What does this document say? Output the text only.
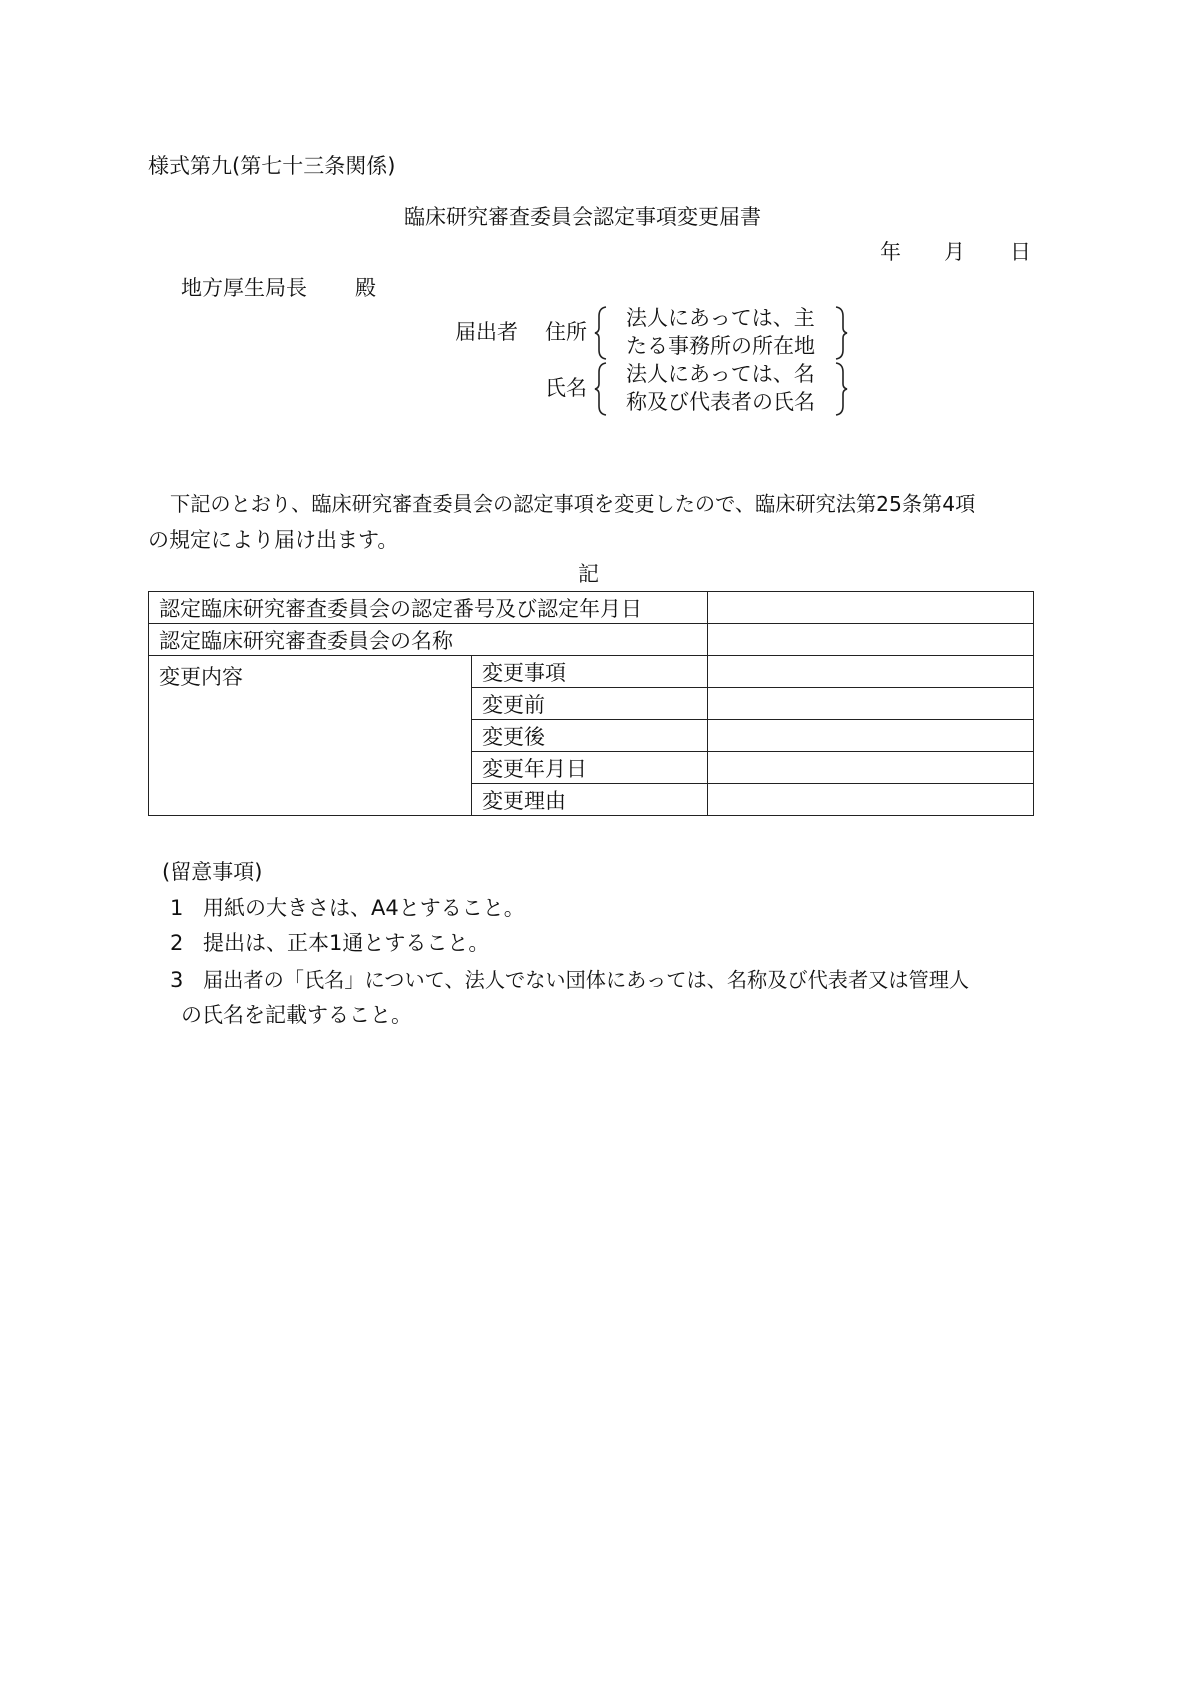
様式第九(第七十三条関係)
臨床研究審査委員会認定事項変更届書
年 月 日
地方厚生局長 殿
届出者 住所
法人にあっては、主
たる事務所の所在地
氏名
法人にあっては、名
称及び代表者の氏名
下記のとおり、臨床研究審査委員会の認定事項を変更したので、臨床研究法第25条第4項
の規定により届け出ます。
記
認定臨床研究審査委員会の認定番号及び認定年月日		
認定臨床研究審査委員会の名称		
変更内容	変更事項	
	変更前	
	変更後	
	変更年月日	
	変更理由	
(留意事項)
1 用紙の大きさは、A4とすること。
2 提出は、正本1通とすること。
3 届出者の「氏名」について、法人でない団体にあっては、名称及び代表者又は管理人
の氏名を記載すること。
